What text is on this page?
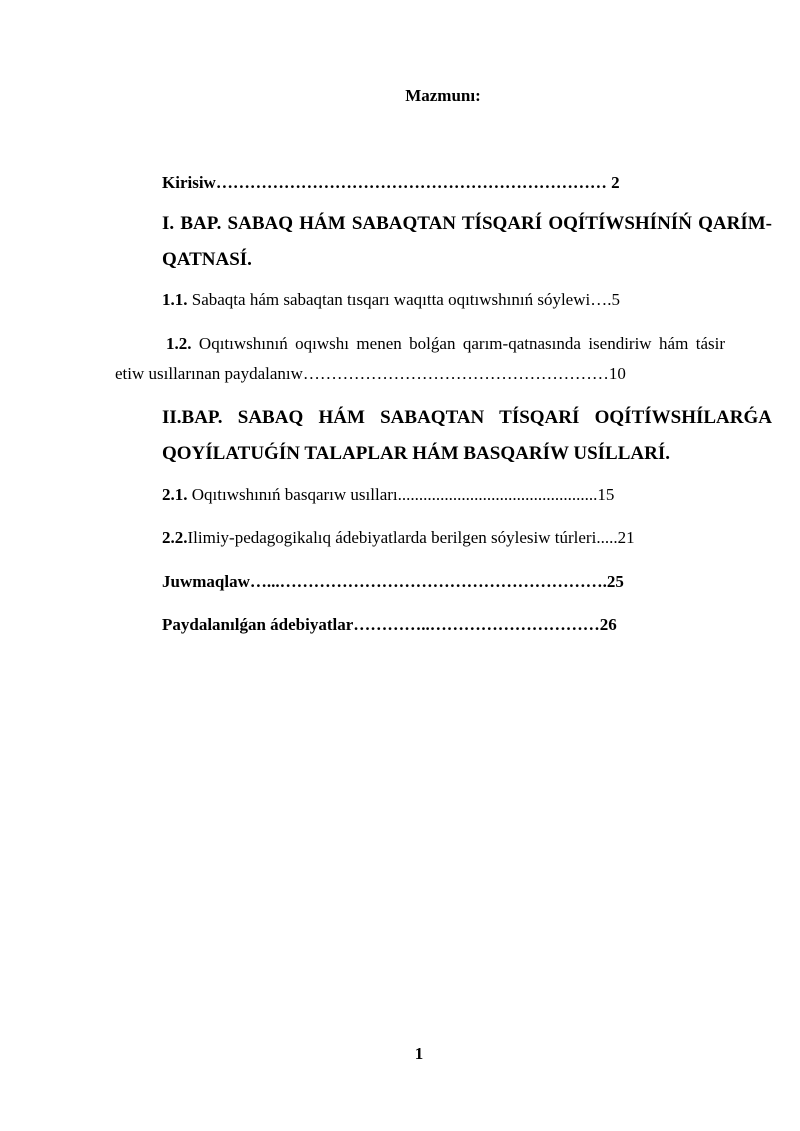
Mazmunı:
Kirisiw…………………………………………………………… 2
I. BAP. SABAQ HÁM SABAQTAN TÍSQARÍ OQÍTÍWSHÍNÍŃ QARÍM-QATNASÍ.
1.1. Sabaqta hám sabaqtan tısqarı waqıtta oqıtıwshınıń sóylewi….5
1.2. Oqıtıwshınıń oqıwshı menen bolǵan qarım-qatnasında isendiriw hám tásir etiw usıllarınan paydalanıw………………………………………………10
II.BAP. SABAQ HÁM SABAQTAN TÍSQARÍ OQÍTÍWSHÍLARǴA QOYÍLATUǴÍN TALAPLAR HÁM BASQARÍW USÍLLARÍ.
2.1. Oqıtıwshınıń basqarıw usılları...............................................15
2.2.Ilimiy-pedagogikalıq ádebiyatlarda berilgen sóylesiw túrleri.....21
Juwmaqlaw…...………………………………………………….25
Paydalanılǵan ádebiyatlar…………..…………………………26
1
